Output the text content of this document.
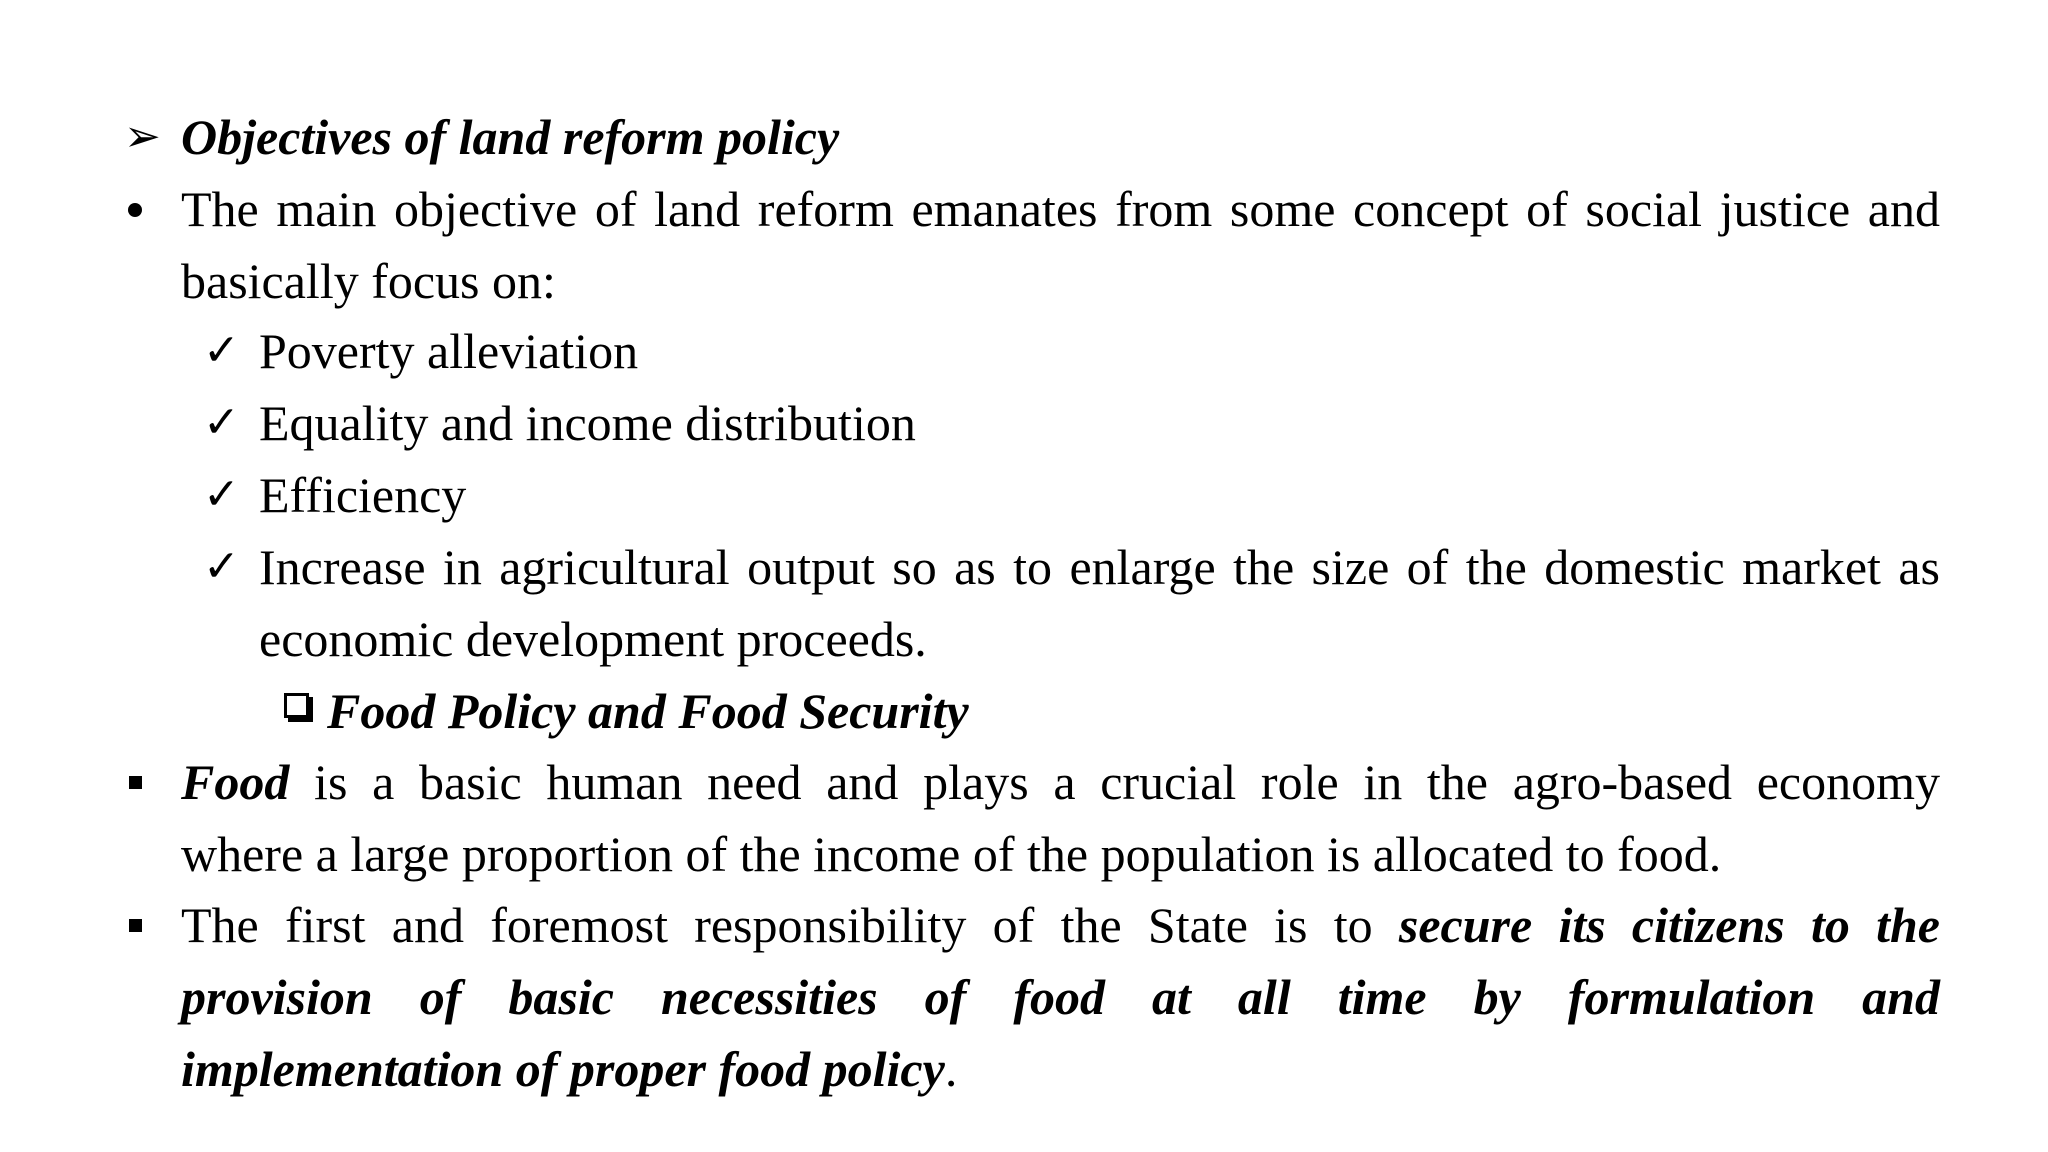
➢ Objectives of land reform policy
The main objective of land reform emanates from some concept of social justice and
basically focus on:
✓ Poverty alleviation
✓ Equality and income distribution
✓ Efficiency
✓ Increase in agricultural output so as to enlarge the size of the domestic market as
economic development proceeds.
Food Policy and Food Security
Food is a basic human need and plays a crucial role in the agro-based economy
where a large proportion of the income of the population is allocated to food.
The first and foremost responsibility of the State is to secure its citizens to the
provision of basic necessities of food at all time by formulation and
implementation of proper food policy.
